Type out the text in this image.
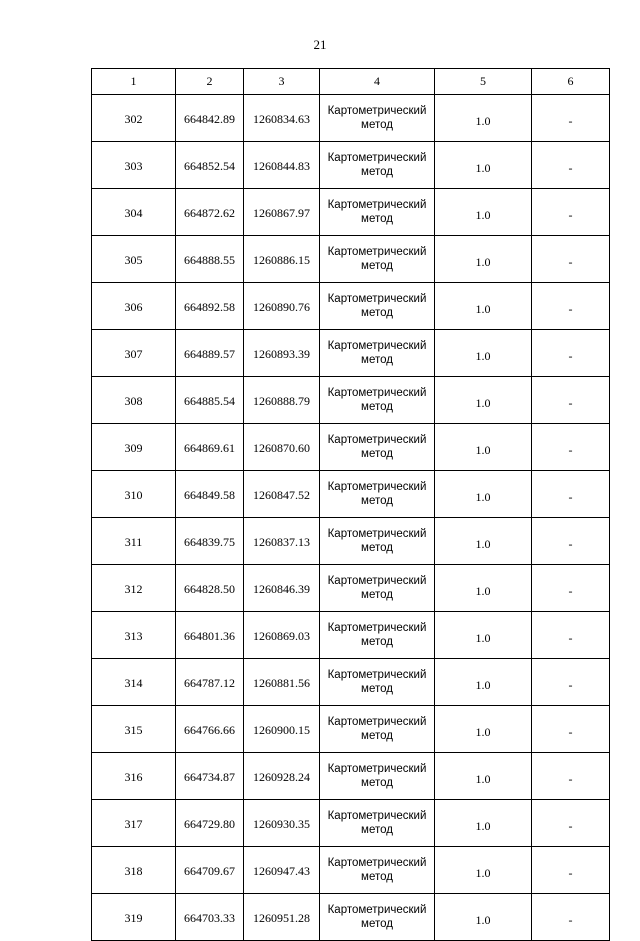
21
1	2	3	4	5	6
302	664842.89	1260834.63	Картометрический метод	1.0	-
303	664852.54	1260844.83	Картометрический метод	1.0	-
304	664872.62	1260867.97	Картометрический метод	1.0	-
305	664888.55	1260886.15	Картометрический метод	1.0	-
306	664892.58	1260890.76	Картометрический метод	1.0	-
307	664889.57	1260893.39	Картометрический метод	1.0	-
308	664885.54	1260888.79	Картометрический метод	1.0	-
309	664869.61	1260870.60	Картометрический метод	1.0	-
310	664849.58	1260847.52	Картометрический метод	1.0	-
311	664839.75	1260837.13	Картометрический метод	1.0	-
312	664828.50	1260846.39	Картометрический метод	1.0	-
313	664801.36	1260869.03	Картометрический метод	1.0	-
314	664787.12	1260881.56	Картометрический метод	1.0	-
315	664766.66	1260900.15	Картометрический метод	1.0	-
316	664734.87	1260928.24	Картометрический метод	1.0	-
317	664729.80	1260930.35	Картометрический метод	1.0	-
318	664709.67	1260947.43	Картометрический метод	1.0	-
319	664703.33	1260951.28	Картометрический метод	1.0	-
